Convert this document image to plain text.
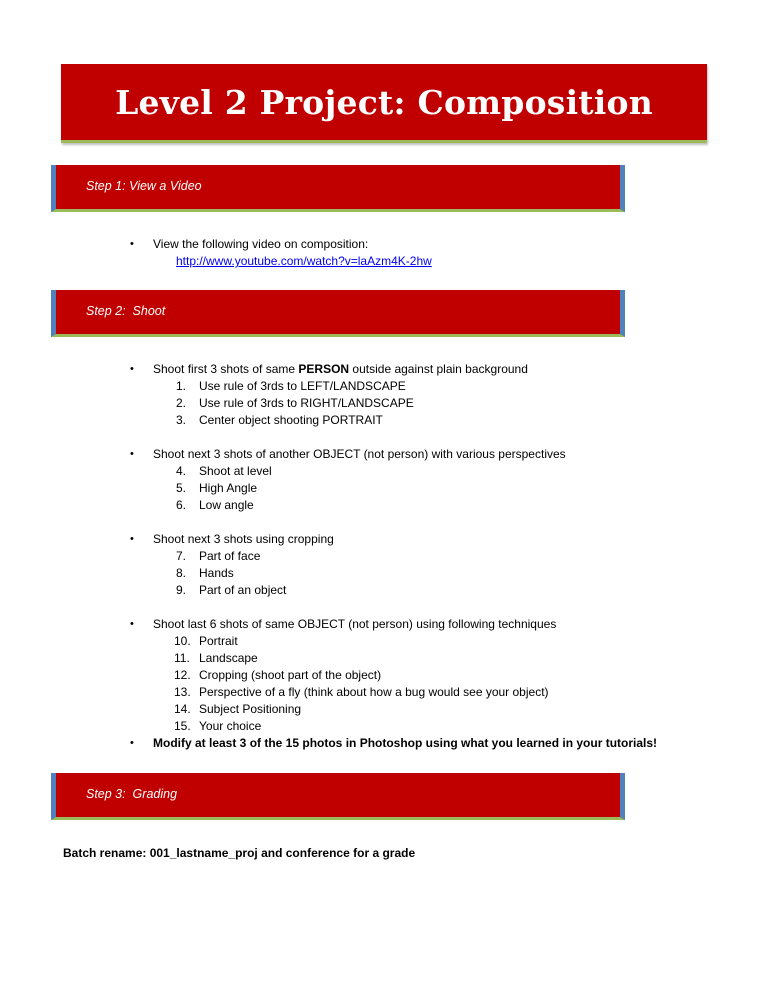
Level 2 Project: Composition
Step 1: View a Video
• View the following video on composition:
http://www.youtube.com/watch?v=laAzm4K-2hw
Step 2:  Shoot
• Shoot first 3 shots of same PERSON outside against plain background
1. Use rule of 3rds to LEFT/LANDSCAPE
2. Use rule of 3rds to RIGHT/LANDSCAPE
3. Center object shooting PORTRAIT
• Shoot next 3 shots of another OBJECT (not person) with various perspectives
4. Shoot at level
5. High Angle
6. Low angle
• Shoot next 3 shots using cropping
7. Part of face
8. Hands
9. Part of an object
• Shoot last 6 shots of same OBJECT (not person) using following techniques
10. Portrait
11. Landscape
12. Cropping (shoot part of the object)
13. Perspective of a fly (think about how a bug would see your object)
14. Subject Positioning
15. Your choice
• Modify at least 3 of the 15 photos in Photoshop using what you learned in your tutorials!
Step 3:  Grading
Batch rename: 001_lastname_proj and conference for a grade
